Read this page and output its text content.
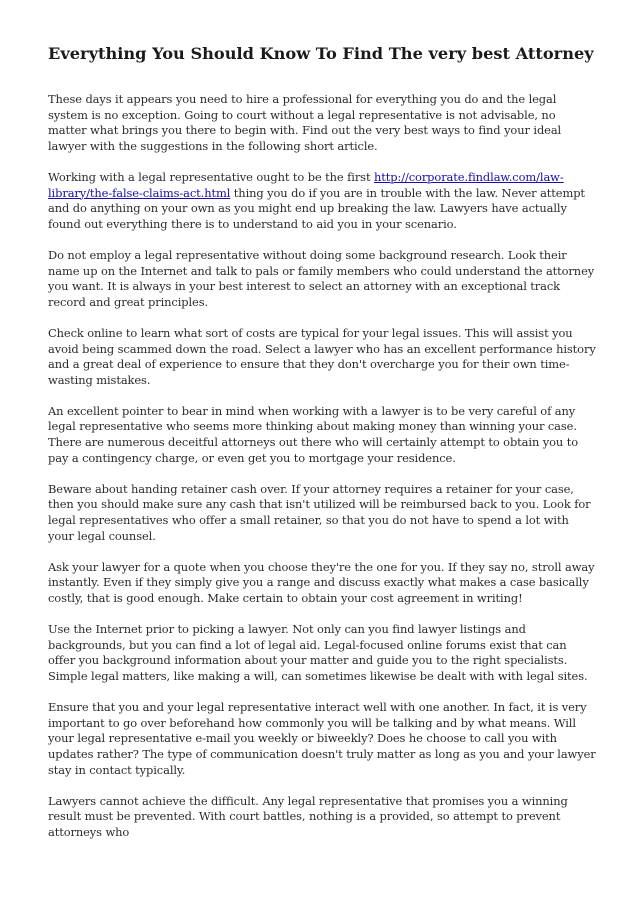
Everything You Should Know To Find The very best Attorney

These days it appears you need to hire a professional for everything you do and the legal system is no exception. Going to court without a legal representative is not advisable, no matter what brings you there to begin with. Find out the very best ways to find your ideal lawyer with the suggestions in the following short article.

Working with a legal representative ought to be the first http://corporate.findlaw.com/law-library/the-false-claims-act.html thing you do if you are in trouble with the law. Never attempt and do anything on your own as you might end up breaking the law. Lawyers have actually found out everything there is to understand to aid you in your scenario.

Do not employ a legal representative without doing some background research. Look their name up on the Internet and talk to pals or family members who could understand the attorney you want. It is always in your best interest to select an attorney with an exceptional track record and great principles.

Check online to learn what sort of costs are typical for your legal issues. This will assist you avoid being scammed down the road. Select a lawyer who has an excellent performance history and a great deal of experience to ensure that they don't overcharge you for their own time-wasting mistakes.

An excellent pointer to bear in mind when working with a lawyer is to be very careful of any legal representative who seems more thinking about making money than winning your case. There are numerous deceitful attorneys out there who will certainly attempt to obtain you to pay a contingency charge, or even get you to mortgage your residence.

Beware about handing retainer cash over. If your attorney requires a retainer for your case, then you should make sure any cash that isn't utilized will be reimbursed back to you. Look for legal representatives who offer a small retainer, so that you do not have to spend a lot with your legal counsel.

Ask your lawyer for a quote when you choose they're the one for you. If they say no, stroll away instantly. Even if they simply give you a range and discuss exactly what makes a case basically costly, that is good enough. Make certain to obtain your cost agreement in writing!

Use the Internet prior to picking a lawyer. Not only can you find lawyer listings and backgrounds, but you can find a lot of legal aid. Legal-focused online forums exist that can offer you background information about your matter and guide you to the right specialists. Simple legal matters, like making a will, can sometimes likewise be dealt with with legal sites.

Ensure that you and your legal representative interact well with one another. In fact, it is very important to go over beforehand how commonly you will be talking and by what means. Will your legal representative e-mail you weekly or biweekly? Does he choose to call you with updates rather? The type of communication doesn't truly matter as long as you and your lawyer stay in contact typically.

Lawyers cannot achieve the difficult. Any legal representative that promises you a winning result must be prevented. With court battles, nothing is a provided, so attempt to prevent attorneys who
